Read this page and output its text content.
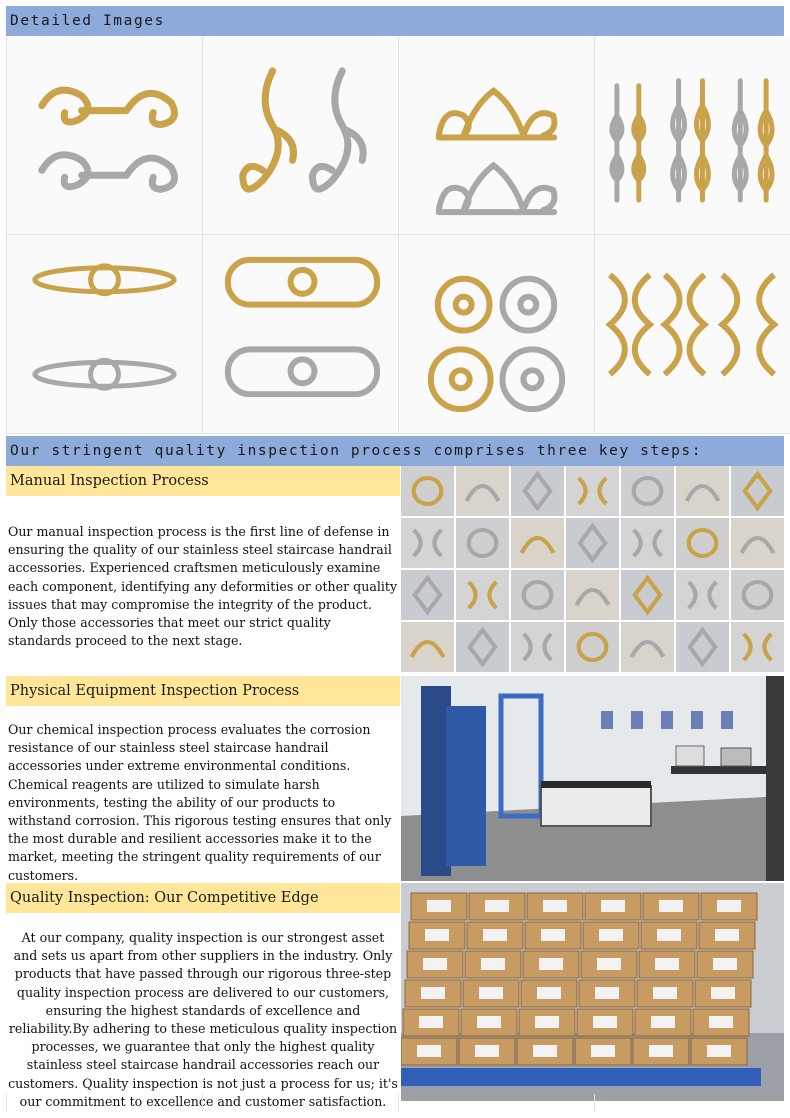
Detailed Images
Our stringent quality inspection process comprises three key steps:
Manual Inspection Process
Our manual inspection process is the first line of defense in ensuring the quality of our stainless steel staircase handrail accessories. Experienced craftsmen meticulously examine each component, identifying any deformities or other quality issues that may compromise the integrity of the product. Only those accessories that meet our strict quality standards proceed to the next stage.
Physical Equipment Inspection Process
Our chemical inspection process evaluates the corrosion resistance of our stainless steel staircase handrail accessories under extreme environmental conditions. Chemical reagents are utilized to simulate harsh environments, testing the ability of our products to withstand corrosion. This rigorous testing ensures that only the most durable and resilient accessories make it to the market, meeting the stringent quality requirements of our customers.
Quality Inspection: Our Competitive Edge
At our company, quality inspection is our strongest asset and sets us apart from other suppliers in the industry. Only products that have passed through our rigorous three-step quality inspection process are delivered to our customers, ensuring the highest standards of excellence and reliability.By adhering to these meticulous quality inspection processes, we guarantee that only the highest quality stainless steel staircase handrail accessories reach our customers. Quality inspection is not just a process for us; it's our commitment to excellence and customer satisfaction.
